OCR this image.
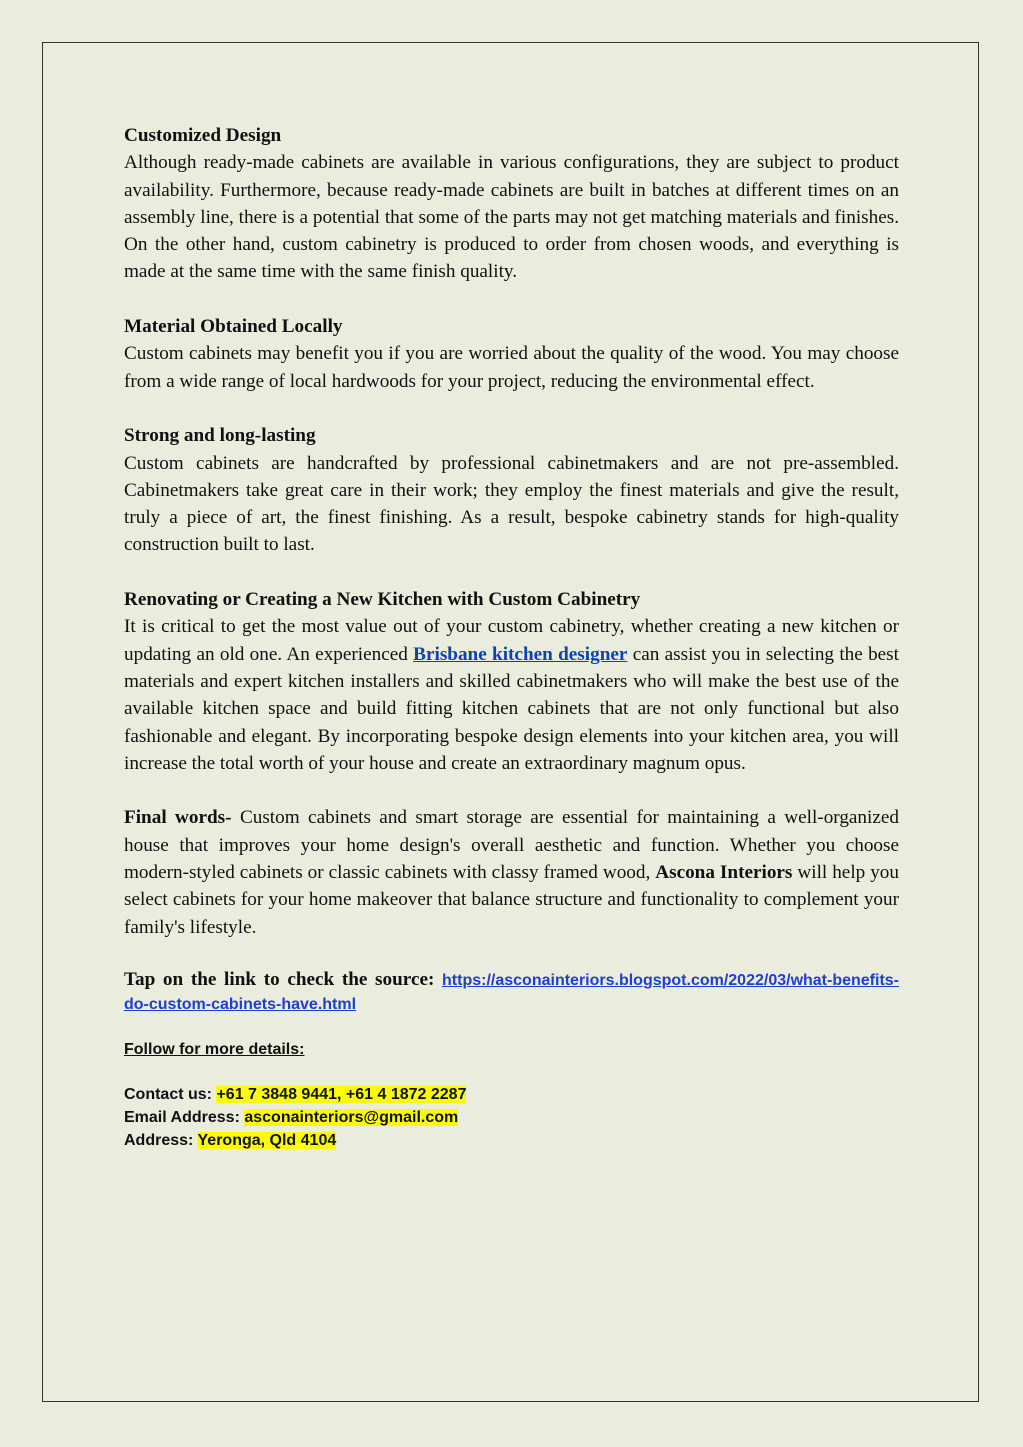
Customized Design

Although ready-made cabinets are available in various configurations, they are subject to product availability. Furthermore, because ready-made cabinets are built in batches at different times on an assembly line, there is a potential that some of the parts may not get matching materials and finishes. On the other hand, custom cabinetry is produced to order from chosen woods, and everything is made at the same time with the same finish quality.

Material Obtained Locally

Custom cabinets may benefit you if you are worried about the quality of the wood. You may choose from a wide range of local hardwoods for your project, reducing the environmental effect.

Strong and long-lasting

Custom cabinets are handcrafted by professional cabinetmakers and are not pre-assembled. Cabinetmakers take great care in their work; they employ the finest materials and give the result, truly a piece of art, the finest finishing. As a result, bespoke cabinetry stands for high-quality construction built to last.

Renovating or Creating a New Kitchen with Custom Cabinetry

It is critical to get the most value out of your custom cabinetry, whether creating a new kitchen or updating an old one. An experienced Brisbane kitchen designer can assist you in selecting the best materials and expert kitchen installers and skilled cabinetmakers who will make the best use of the available kitchen space and build fitting kitchen cabinets that are not only functional but also fashionable and elegant. By incorporating bespoke design elements into your kitchen area, you will increase the total worth of your house and create an extraordinary magnum opus.

Final words- Custom cabinets and smart storage are essential for maintaining a well-organized house that improves your home design's overall aesthetic and function. Whether you choose modern-styled cabinets or classic cabinets with classy framed wood, Ascona Interiors will help you select cabinets for your home makeover that balance structure and functionality to complement your family's lifestyle.

Tap on the link to check the source: https://asconainteriors.blogspot.com/2022/03/what-benefits-do-custom-cabinets-have.html

Follow for more details:
Contact us: +61 7 3848 9441, +61 4 1872 2287
Email Address: asconainteriors@gmail.com
Address: Yeronga, Qld 4104
